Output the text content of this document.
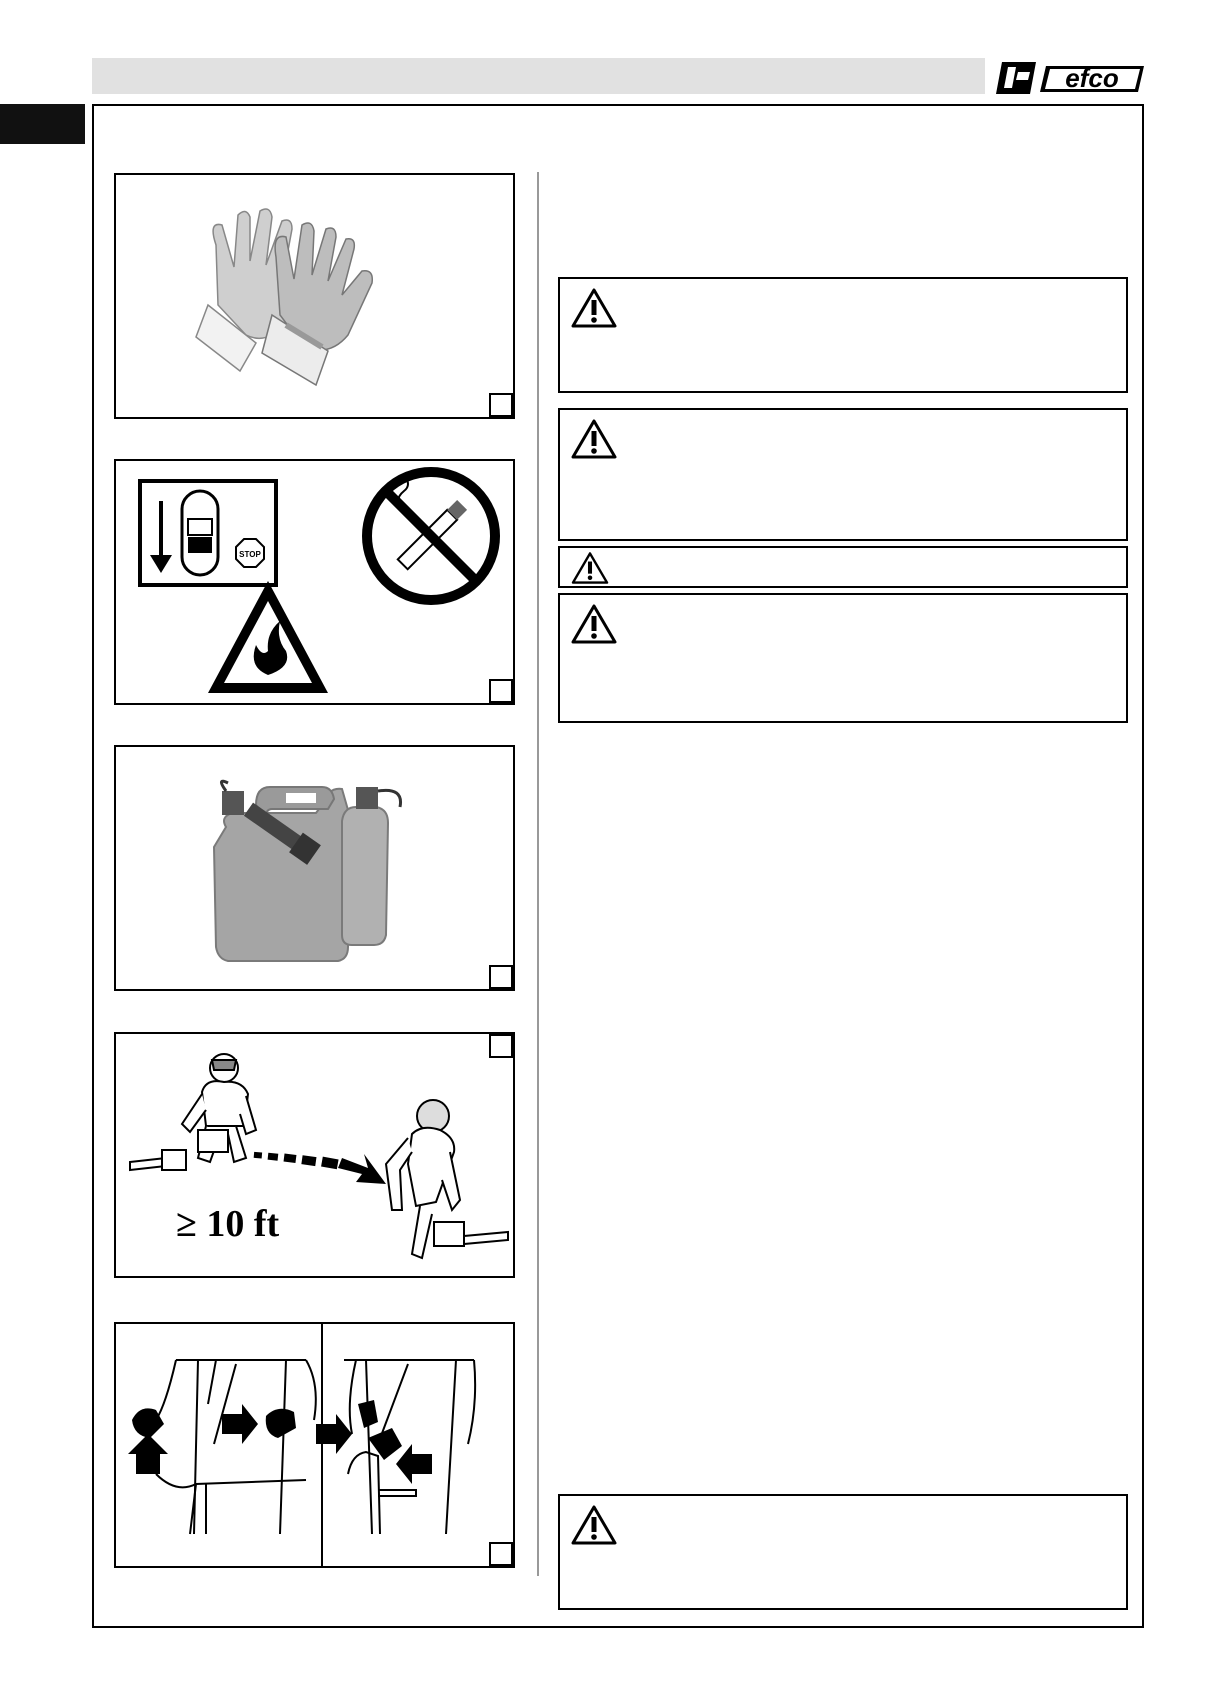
efco
STOP
≥ 10 ft
